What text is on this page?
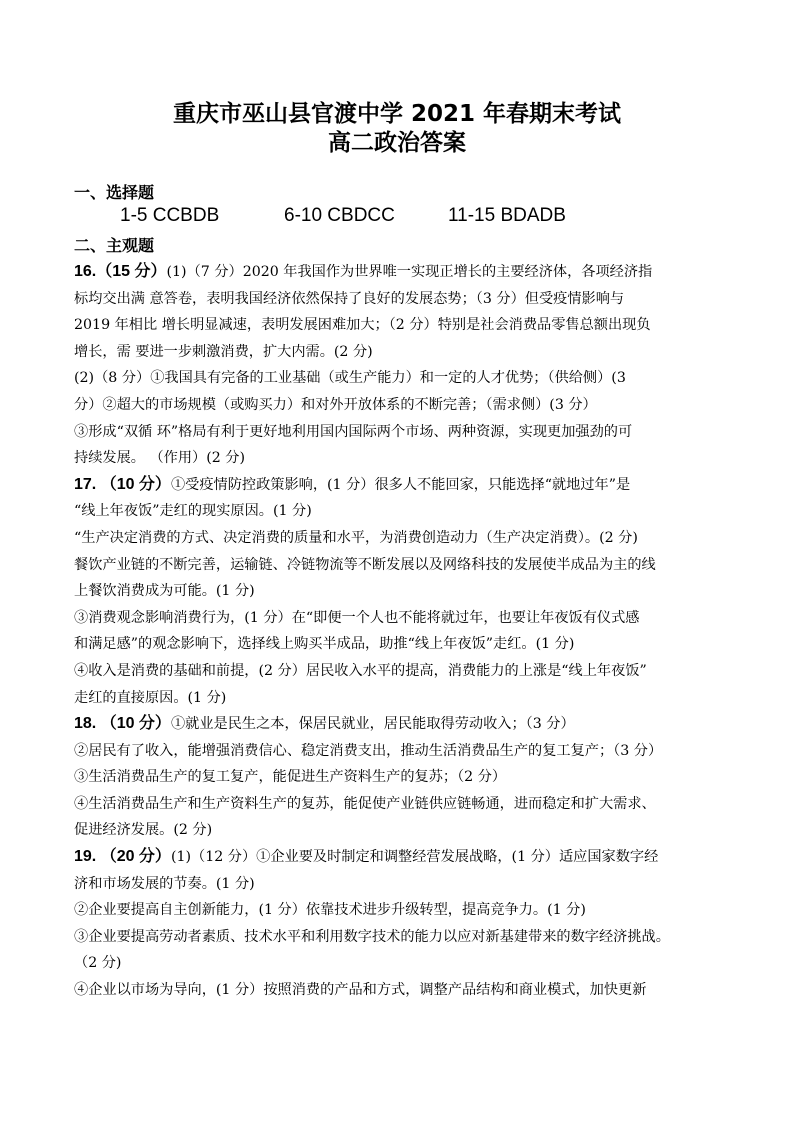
重庆市巫山县官渡中学 2021 年春期末考试
高二政治答案
一、选择题
1-5 CCBDB	6-10 CBDCC	11-15 BDADB
二、主观题
16.（15 分）(1)（7 分）2020 年我国作为世界唯一实现正增长的主要经济体，各项经济指
标均交出满 意答卷，表明我国经济依然保持了良好的发展态势；（3 分）但受疫情影响与
2019 年相比 增长明显减速，表明发展困难加大；（2 分）特别是社会消费品零售总额出现负
增长，需 要进一步刺激消费，扩大内需。(2 分)
(2)（8 分）①我国具有完备的工业基础（或生产能力）和一定的人才优势；（供给侧）(3
分）②超大的市场规模（或购买力）和对外开放体系的不断完善；（需求侧）(3 分）
③形成“双循 环”格局有利于更好地利用国内国际两个市场、两种资源，实现更加强劲的可
持续发展。 （作用）(2 分)
17. （10 分）①受疫情防控政策影响，(1 分）很多人不能回家，只能选择“就地过年”是
“线上年夜饭”走红的现实原因。(1 分)
“生产决定消费的方式、决定消费的质量和水平，为消费创造动力（生产决定消费）。(2 分)
餐饮产业链的不断完善，运输链、冷链物流等不断发展以及网络科技的发展使半成品为主的线
上餐饮消费成为可能。(1 分)
③消费观念影响消费行为，(1 分）在“即便一个人也不能将就过年，也要让年夜饭有仪式感
和满足感”的观念影响下，选择线上购买半成品，助推“线上年夜饭”走红。(1 分)
④收入是消费的基础和前提，(2 分）居民收入水平的提高，消费能力的上涨是“线上年夜饭”
走红的直接原因。(1 分)
18. （10 分）①就业是民生之本，保居民就业，居民能取得劳动收入；（3 分）
②居民有了收入，能增强消费信心、稳定消费支出，推动生活消费品生产的复工复产；（3 分）
③生活消费品生产的复工复产，能促进生产资料生产的复苏；（2 分）
④生活消费品生产和生产资料生产的复苏，能促使产业链供应链畅通，进而稳定和扩大需求、
促进经济发展。(2 分)
19. （20 分）(1)（12 分）①企业要及时制定和调整经营发展战略，(1 分）适应国家数字经
济和市场发展的节奏。(1 分)
②企业要提高自主创新能力，(1 分）依靠技术进步升级转型，提高竞争力。(1 分)
③企业要提高劳动者素质、技术水平和利用数字技术的能力以应对新基建带来的数字经济挑战。
（2 分)
④企业以市场为导向，(1 分）按照消费的产品和方式，调整产品结构和商业模式，加快更新
